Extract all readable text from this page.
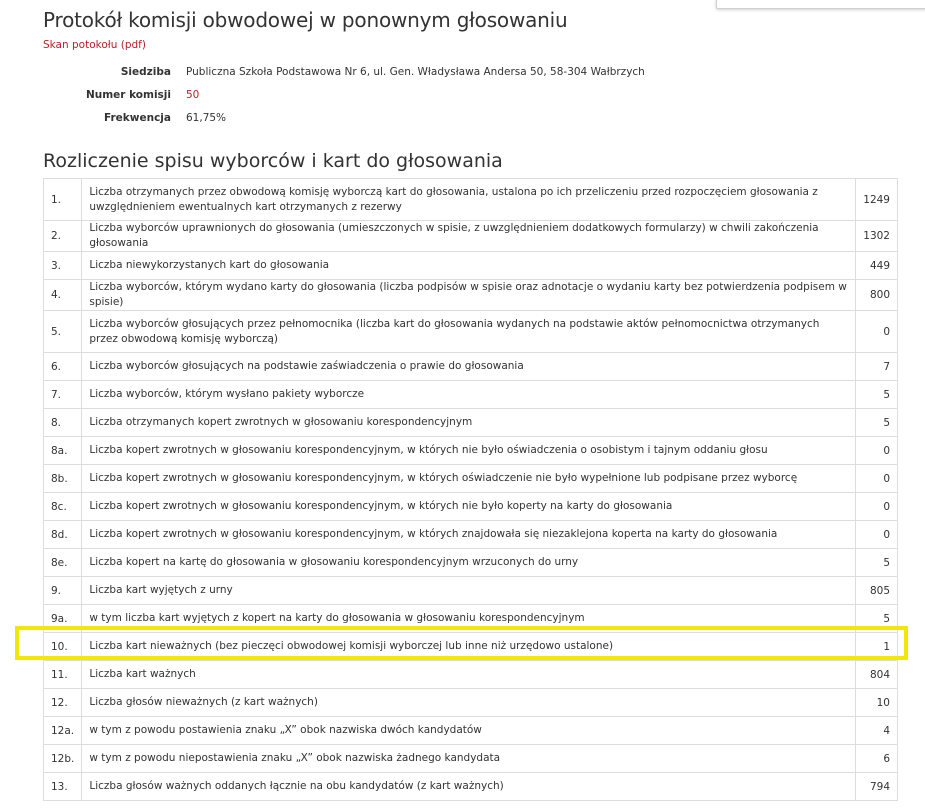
Protokół komisji obwodowej w ponownym głosowaniu
Skan potokołu (pdf)
Siedziba Publiczna Szkoła Podstawowa Nr 6, ul. Gen. Władysława Andersa 50, 58-304 Wałbrzych
Numer komisji 50
Frekwencja 61,75%
Rozliczenie spisu wyborców i kart do głosowania
1.	Liczba otrzymanych przez obwodową komisję wyborczą kart do głosowania, ustalona po ich przeliczeniu przed rozpoczęciem głosowania z uwzględnieniem ewentualnych kart otrzymanych z rezerwy	1249
2.	Liczba wyborców uprawnionych do głosowania (umieszczonych w spisie, z uwzględnieniem dodatkowych formularzy) w chwili zakończenia głosowania	1302
3.	Liczba niewykorzystanych kart do głosowania	449
4.	Liczba wyborców, którym wydano karty do głosowania (liczba podpisów w spisie oraz adnotacje o wydaniu karty bez potwierdzenia podpisem w spisie)	800
5.	Liczba wyborców głosujących przez pełnomocnika (liczba kart do głosowania wydanych na podstawie aktów pełnomocnictwa otrzymanych przez obwodową komisję wyborczą)	0
6.	Liczba wyborców głosujących na podstawie zaświadczenia o prawie do głosowania	7
7.	Liczba wyborców, którym wysłano pakiety wyborcze	5
8.	Liczba otrzymanych kopert zwrotnych w głosowaniu korespondencyjnym	5
8a.	Liczba kopert zwrotnych w głosowaniu korespondencyjnym, w których nie było oświadczenia o osobistym i tajnym oddaniu głosu	0
8b.	Liczba kopert zwrotnych w głosowaniu korespondencyjnym, w których oświadczenie nie było wypełnione lub podpisane przez wyborcę	0
8c.	Liczba kopert zwrotnych w głosowaniu korespondencyjnym, w których nie było koperty na karty do głosowania	0
8d.	Liczba kopert zwrotnych w głosowaniu korespondencyjnym, w których znajdowała się niezaklejona koperta na karty do głosowania	0
8e.	Liczba kopert na kartę do głosowania w głosowaniu korespondencyjnym wrzuconych do urny	5
9.	Liczba kart wyjętych z urny	805
9a.	w tym liczba kart wyjętych z kopert na karty do głosowania w głosowaniu korespondencyjnym	5
10.	Liczba kart nieważnych (bez pieczęci obwodowej komisji wyborczej lub inne niż urzędowo ustalone)	1
11.	Liczba kart ważnych	804
12.	Liczba głosów nieważnych (z kart ważnych)	10
12a.	w tym z powodu postawienia znaku „X” obok nazwiska dwóch kandydatów	4
12b.	w tym z powodu niepostawienia znaku „X” obok nazwiska żadnego kandydata	6
13.	Liczba głosów ważnych oddanych łącznie na obu kandydatów (z kart ważnych)	794
